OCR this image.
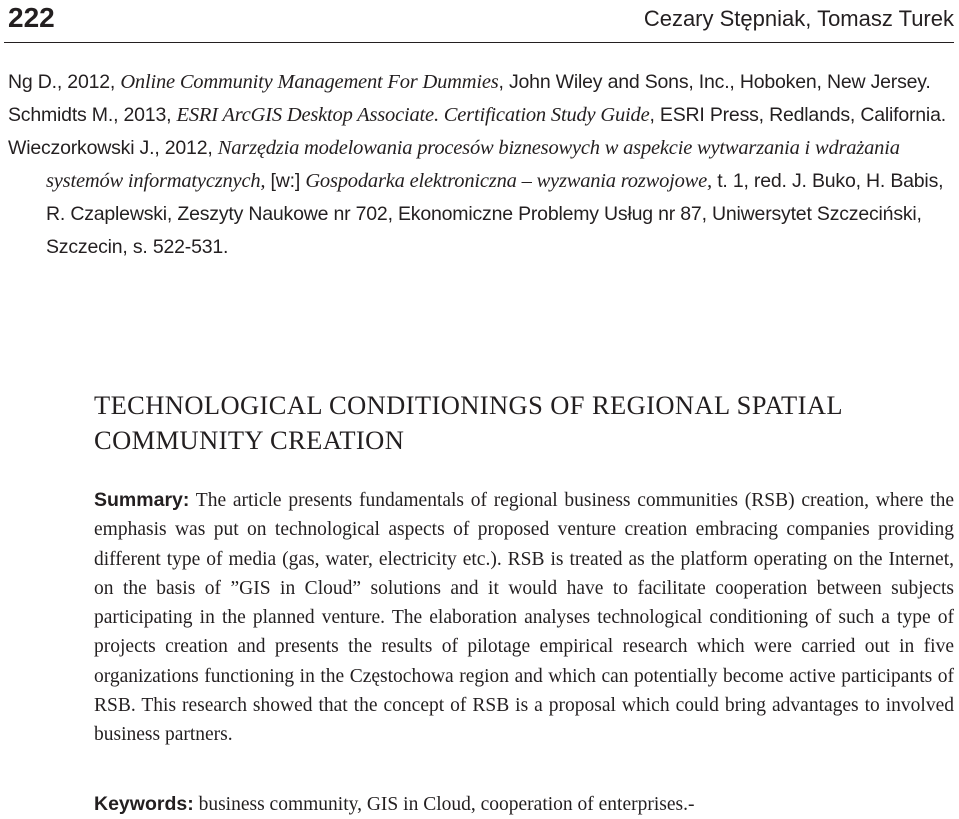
222	Cezary Stępniak, Tomasz Turek

Ng D., 2012, Online Community Management For Dummies, John Wiley and Sons, Inc., Hoboken, New Jersey.

Schmidts M., 2013, ESRI ArcGIS Desktop Associate. Certification Study Guide, ESRI Press, Redlands, California.

Wieczorkowski J., 2012, Narzędzia modelowania procesów biznesowych w aspekcie wytwarzania i wdrażania systemów informatycznych, [w:] Gospodarka elektroniczna – wyzwania rozwojowe, t. 1, red. J. Buko, H. Babis, R. Czaplewski, Zeszyty Naukowe nr 702, Ekonomiczne Problemy Usług nr 87, Uniwersytet Szczeciński, Szczecin, s. 522-531.

TECHNOLOGICAL CONDITIONINGS OF REGIONAL SPATIAL COMMUNITY CREATION

Summary: The article presents fundamentals of regional business communities (RSB) creation, where the emphasis was put on technological aspects of proposed venture creation embracing companies providing different type of media (gas, water, electricity etc.). RSB is treated as the platform operating on the Internet, on the basis of ”GIS in Cloud” solutions and it would have to facilitate cooperation between subjects participating in the planned venture. The elaboration analyses technological conditioning of such a type of projects creation and presents the results of pilotage empirical research which were carried out in five organizations functioning in the Częstochowa region and which can potentially become active participants of RSB. This research showed that the concept of RSB is a proposal which could bring advantages to involved business partners.

Keywords: business community, GIS in Cloud, cooperation of enterprises.-
